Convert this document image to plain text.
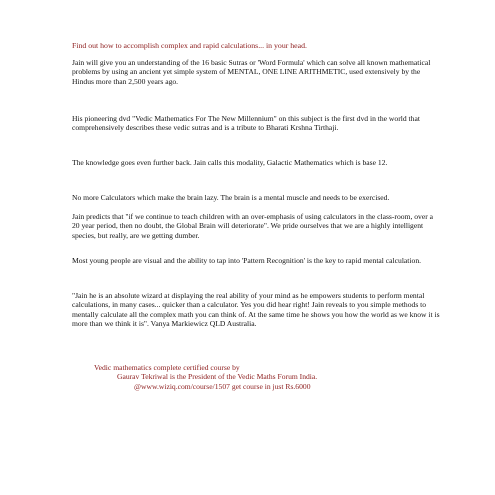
Find out how to accomplish complex and rapid calculations... in your head.

Jain will give you an understanding of the 16 basic Sutras or 'Word Formula' which can solve all known mathematical problems by using an ancient yet simple system of MENTAL, ONE LINE ARITHMETIC, used extensively by the Hindus more than 2,500 years ago.

His pioneering dvd "Vedic Mathematics For The New Millennium" on this subject is the first dvd in the world that comprehensively describes these vedic sutras and is a tribute to Bharati Krshna Tirthaji.

The knowledge goes even further back. Jain calls this modality, Galactic Mathematics which is base 12.

No more Calculators which make the brain lazy. The brain is a mental muscle and needs to be exercised.

Jain predicts that "if we continue to teach children with an over-emphasis of using calculators in the class-room, over a 20 year period, then no doubt, the Global Brain will deteriorate". We pride ourselves that we are a highly intelligent species, but really, are we getting dumber.

Most young people are visual and the ability to tap into 'Pattern Recognition' is the key to rapid mental calculation.

"Jain he is an absolute wizard at displaying the real ability of your mind as he empowers students to perform mental calculations, in many cases... quicker than a calculator. Yes you did hear right! Jain reveals to you simple methods to mentally calculate all the complex math you can think of. At the same time he shows you how the world as we know it is more than we think it is". Vanya Markiewicz QLD Australia.

Vedic mathematics complete certified course by
Gaurav Tekriwal is the President of the Vedic Maths Forum India.
@www.wiziq.com/course/1507 get course in just Rs.6000
